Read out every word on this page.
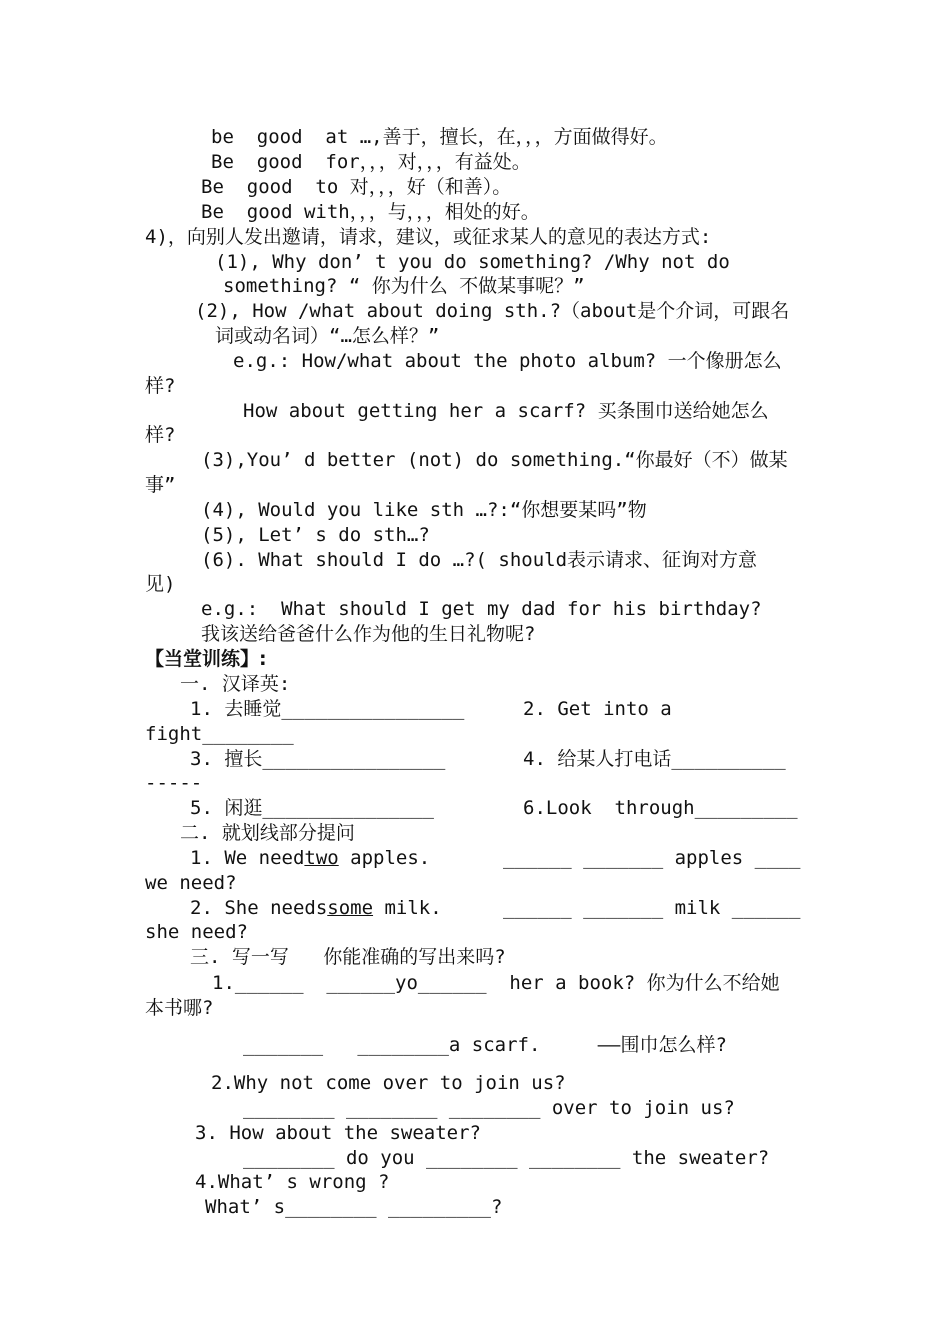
be  good  at …,善于，擅长，在，，，方面做得好。
Be  good  for，，，对，，，有益处。
Be  good  to 对，，，好（和善）。
Be  good with，，，与，，，相处的好。
4)，向别人发出邀请，请求，建议，或征求某人的意见的表达方式:
(1), Why don’ t you do something? /Why not do
something? “ 你为什么 不做某事呢？”
(2), How /what about doing sth.?（about是个介词，可跟名
词或动名词）“…怎么样？”
e.g.: How/what about the photo album? 一个像册怎么
样?
How about getting her a scarf? 买条围巾送给她怎么
样?
(3),You’ d better (not) do something.“你最好（不）做某
事”
(4), Would you like sth …?:“你想要某吗”物
(5), Let’ s do sth…?
(6). What should I do …?( should表示请求、征询对方意
见)
e.g.:  What should I get my dad for his birthday?
我该送给爸爸什么作为他的生日礼物呢?
【当堂训练】:
一. 汉译英:
1. 去睡觉________________	2. Get into a
fight________
3. 擅长________________	4. 给某人打电话__________
-----
5. 闲逛_______________	6.Look  through_________
二. 就划线部分提问
1. We needtwo apples.	______ _______ apples ____
we need?
2. She needssome milk.	______ _______ milk ______
she need?
三. 写一写   你能准确的写出来吗?
1.______  ______yo______  her a book? 你为什么不给她
本书哪?
_______   ________a scarf.     ——围巾怎么样?
2.Why not come over to join us?
________ ________ ________ over to join us?
3. How about the sweater?
________ do you ________ ________ the sweater?
4.What’ s wrong ?
What’ s________ _________?
